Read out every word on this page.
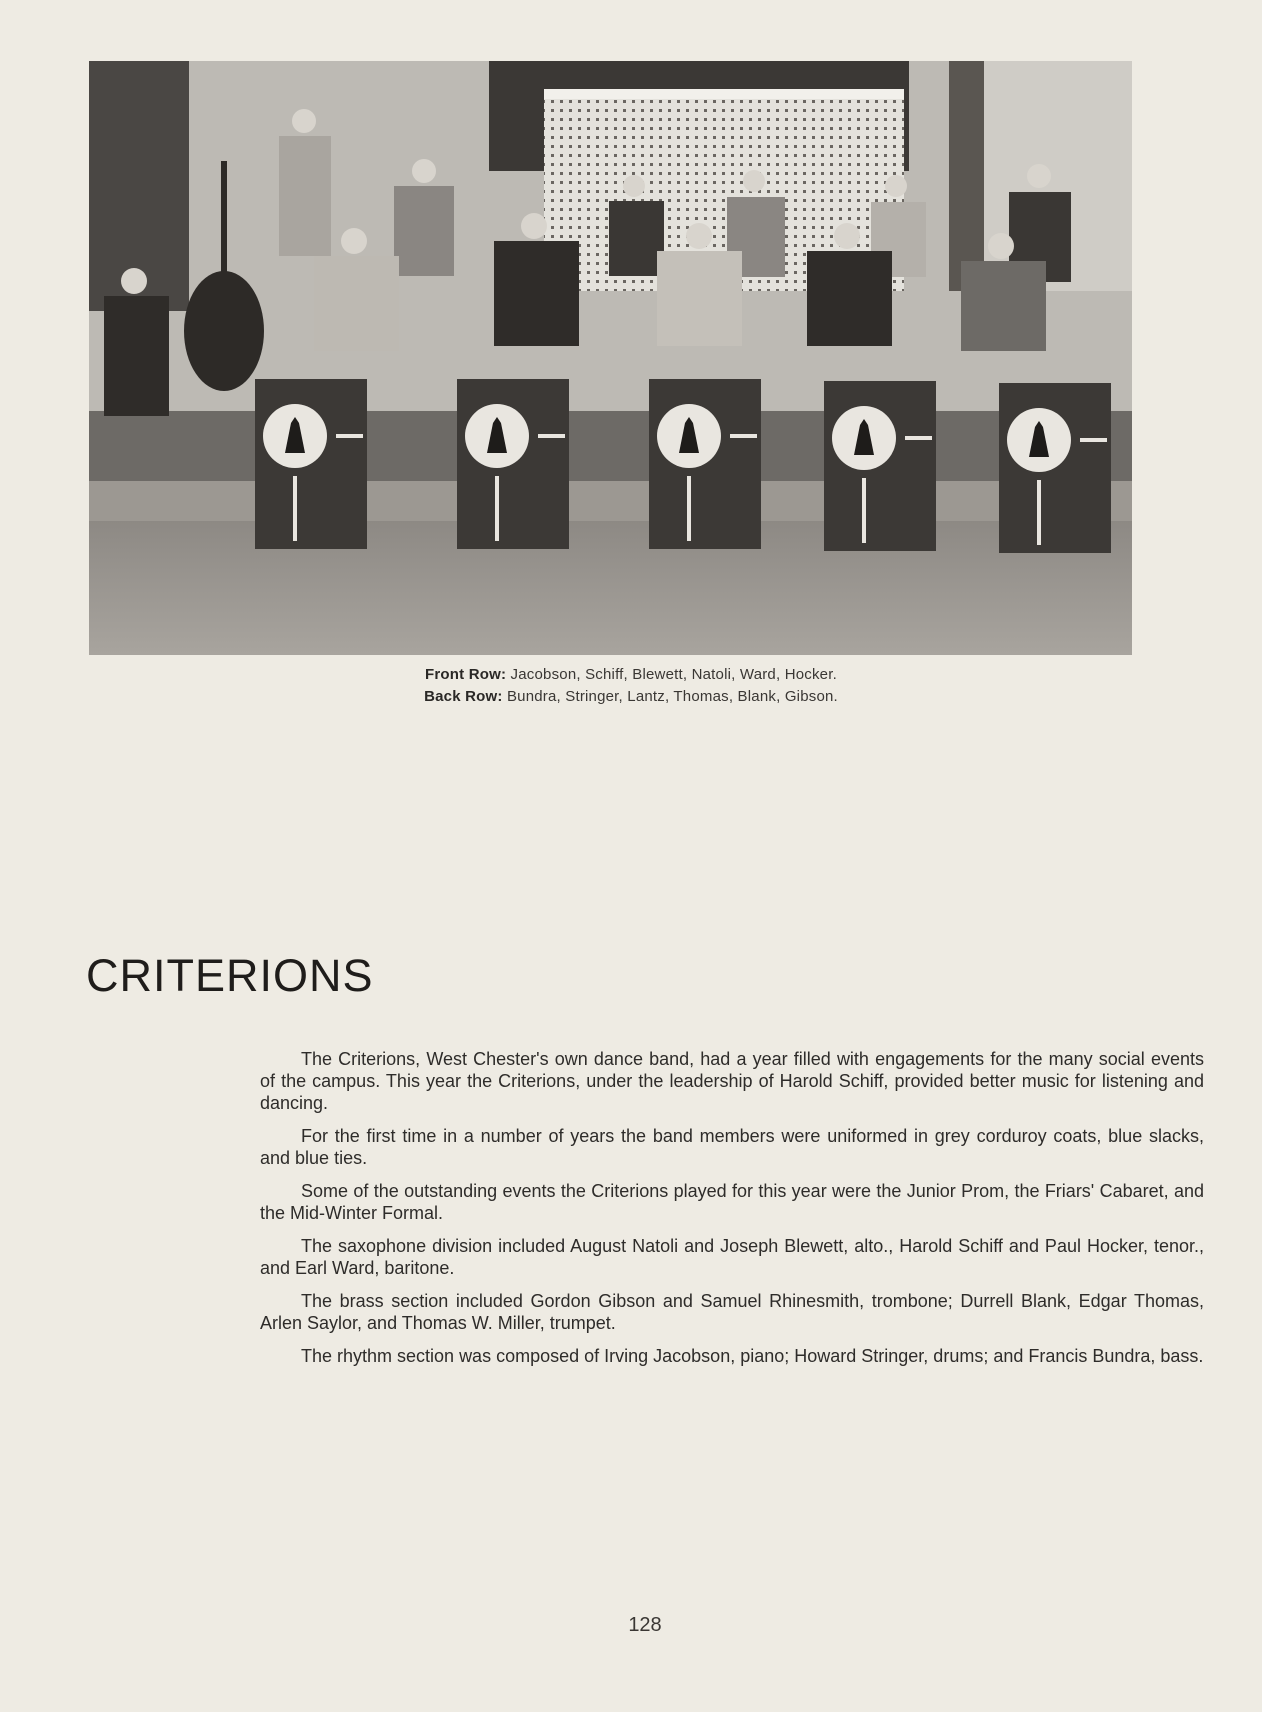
Front Row: Jacobson, Schiff, Blewett, Natoli, Ward, Hocker.
Back Row: Bundra, Stringer, Lantz, Thomas, Blank, Gibson.
CRITERIONS

The Criterions, West Chester's own dance band, had a year filled with engagements for the many social events of the campus. This year the Criterions, under the leadership of Harold Schiff, provided better music for listening and dancing.

For the first time in a number of years the band members were uniformed in grey corduroy coats, blue slacks, and blue ties.

Some of the outstanding events the Criterions played for this year were the Junior Prom, the Friars' Cabaret, and the Mid-Winter Formal.

The saxophone division included August Natoli and Joseph Blewett, alto., Harold Schiff and Paul Hocker, tenor., and Earl Ward, baritone.

The brass section included Gordon Gibson and Samuel Rhinesmith, trombone; Durrell Blank, Edgar Thomas, Arlen Saylor, and Thomas W. Miller, trumpet.

The rhythm section was composed of Irving Jacobson, piano; Howard Stringer, drums; and Francis Bundra, bass.

128
